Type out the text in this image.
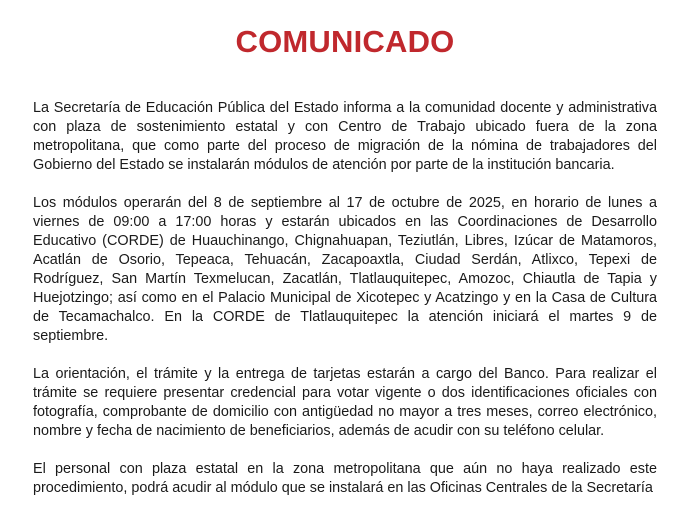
COMUNICADO

La Secretaría de Educación Pública del Estado informa a la comunidad docente y administrativa con plaza de sostenimiento estatal y con Centro de Trabajo ubicado fuera de la zona metropolitana, que como parte del proceso de migración de la nómina de trabajadores del Gobierno del Estado se instalarán módulos de atención por parte de la institución bancaria.

Los módulos operarán del 8 de septiembre al 17 de octubre de 2025, en horario de lunes a viernes de 09:00 a 17:00 horas y estarán ubicados en las Coordinaciones de Desarrollo Educativo (CORDE) de Huauchinango, Chignahuapan, Teziutlán, Libres, Izúcar de Matamoros, Acatlán de Osorio, Tepeaca, Tehuacán, Zacapoaxtla, Ciudad Serdán, Atlixco, Tepexi de Rodríguez, San Martín Texmelucan, Zacatlán, Tlatlauquitepec, Amozoc, Chiautla de Tapia y Huejotzingo; así como en el Palacio Municipal de Xicotepec y Acatzingo y en la Casa de Cultura de Tecamachalco. En la CORDE de Tlatlauquitepec la atención iniciará el martes 9 de septiembre.

La orientación, el trámite y la entrega de tarjetas estarán a cargo del Banco. Para realizar el trámite se requiere presentar credencial para votar vigente o dos identificaciones oficiales con fotografía, comprobante de domicilio con antigüedad no mayor a tres meses, correo electrónico, nombre y fecha de nacimiento de beneficiarios, además de acudir con su teléfono celular.

El personal con plaza estatal en la zona metropolitana que aún no haya realizado este procedimiento, podrá acudir al módulo que se instalará en las Oficinas Centrales de la Secretaría
